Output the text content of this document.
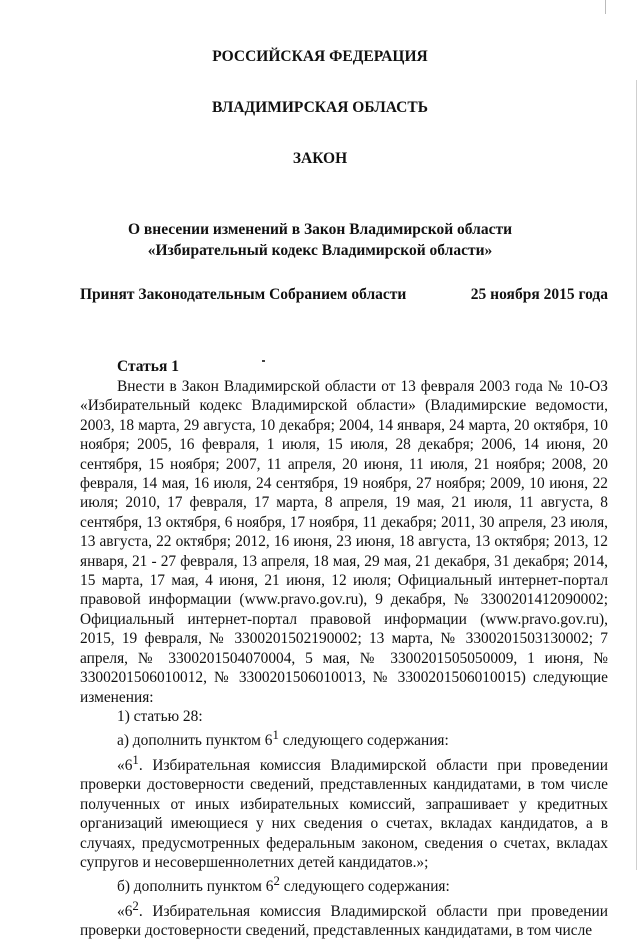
РОССИЙСКАЯ ФЕДЕРАЦИЯ
ВЛАДИМИРСКАЯ ОБЛАСТЬ
ЗАКОН
О внесении изменений в Закон Владимирской области
«Избирательный кодекс Владимирской области»
Принят Законодательным Собранием области	25 ноября 2015 года
Статья 1

Внести в Закон Владимирской области от 13 февраля 2003 года № 10-ОЗ «Избирательный кодекс Владимирской области» (Владимирские ведомости, 2003, 18 марта, 29 августа, 10 декабря; 2004, 14 января, 24 марта, 20 октября, 10 ноября; 2005, 16 февраля, 1 июля, 15 июля, 28 декабря; 2006, 14 июня, 20 сентября, 15 ноября; 2007, 11 апреля, 20 июня, 11 июля, 21 ноября; 2008, 20 февраля, 14 мая, 16 июля, 24 сентября, 19 ноября, 27 ноября; 2009, 10 июня, 22 июля; 2010, 17 февраля, 17 марта, 8 апреля, 19 мая, 21 июля, 11 августа, 8 сентября, 13 октября, 6 ноября, 17 ноября, 11 декабря; 2011, 30 апреля, 23 июля, 13 августа, 22 октября; 2012, 16 июня, 23 июня, 18 августа, 13 октября; 2013, 12 января, 21 - 27 февраля, 13 апреля, 18 мая, 29 мая, 21 декабря, 31 декабря; 2014, 15 марта, 17 мая, 4 июня, 21 июня, 12 июля; Официальный интернет-портал правовой информации (www.pravo.gov.ru), 9 декабря, № 3300201412090002; Официальный интернет-портал правовой информации (www.pravo.gov.ru), 2015, 19 февраля, № 3300201502190002; 13 марта, № 3300201503130002; 7 апреля, № 3300201504070004, 5 мая, № 3300201505050009, 1 июня, № 3300201506010012, № 3300201506010013, № 3300201506010015) следующие изменения:

1) статью 28:

а) дополнить пунктом $6^1$ следующего содержания:

«$6^1$. Избирательная комиссия Владимирской области при проведении проверки достоверности сведений, представленных кандидатами, в том числе полученных от иных избирательных комиссий, запрашивает у кредитных организаций имеющиеся у них сведения о счетах, вкладах кандидатов, а в случаях, предусмотренных федеральным законом, сведения о счетах, вкладах супругов и несовершеннолетних детей кандидатов.»;

б) дополнить пунктом $6^2$ следующего содержания:

«$6^2$. Избирательная комиссия Владимирской области при проведении проверки достоверности сведений, представленных кандидатами, в том числе
